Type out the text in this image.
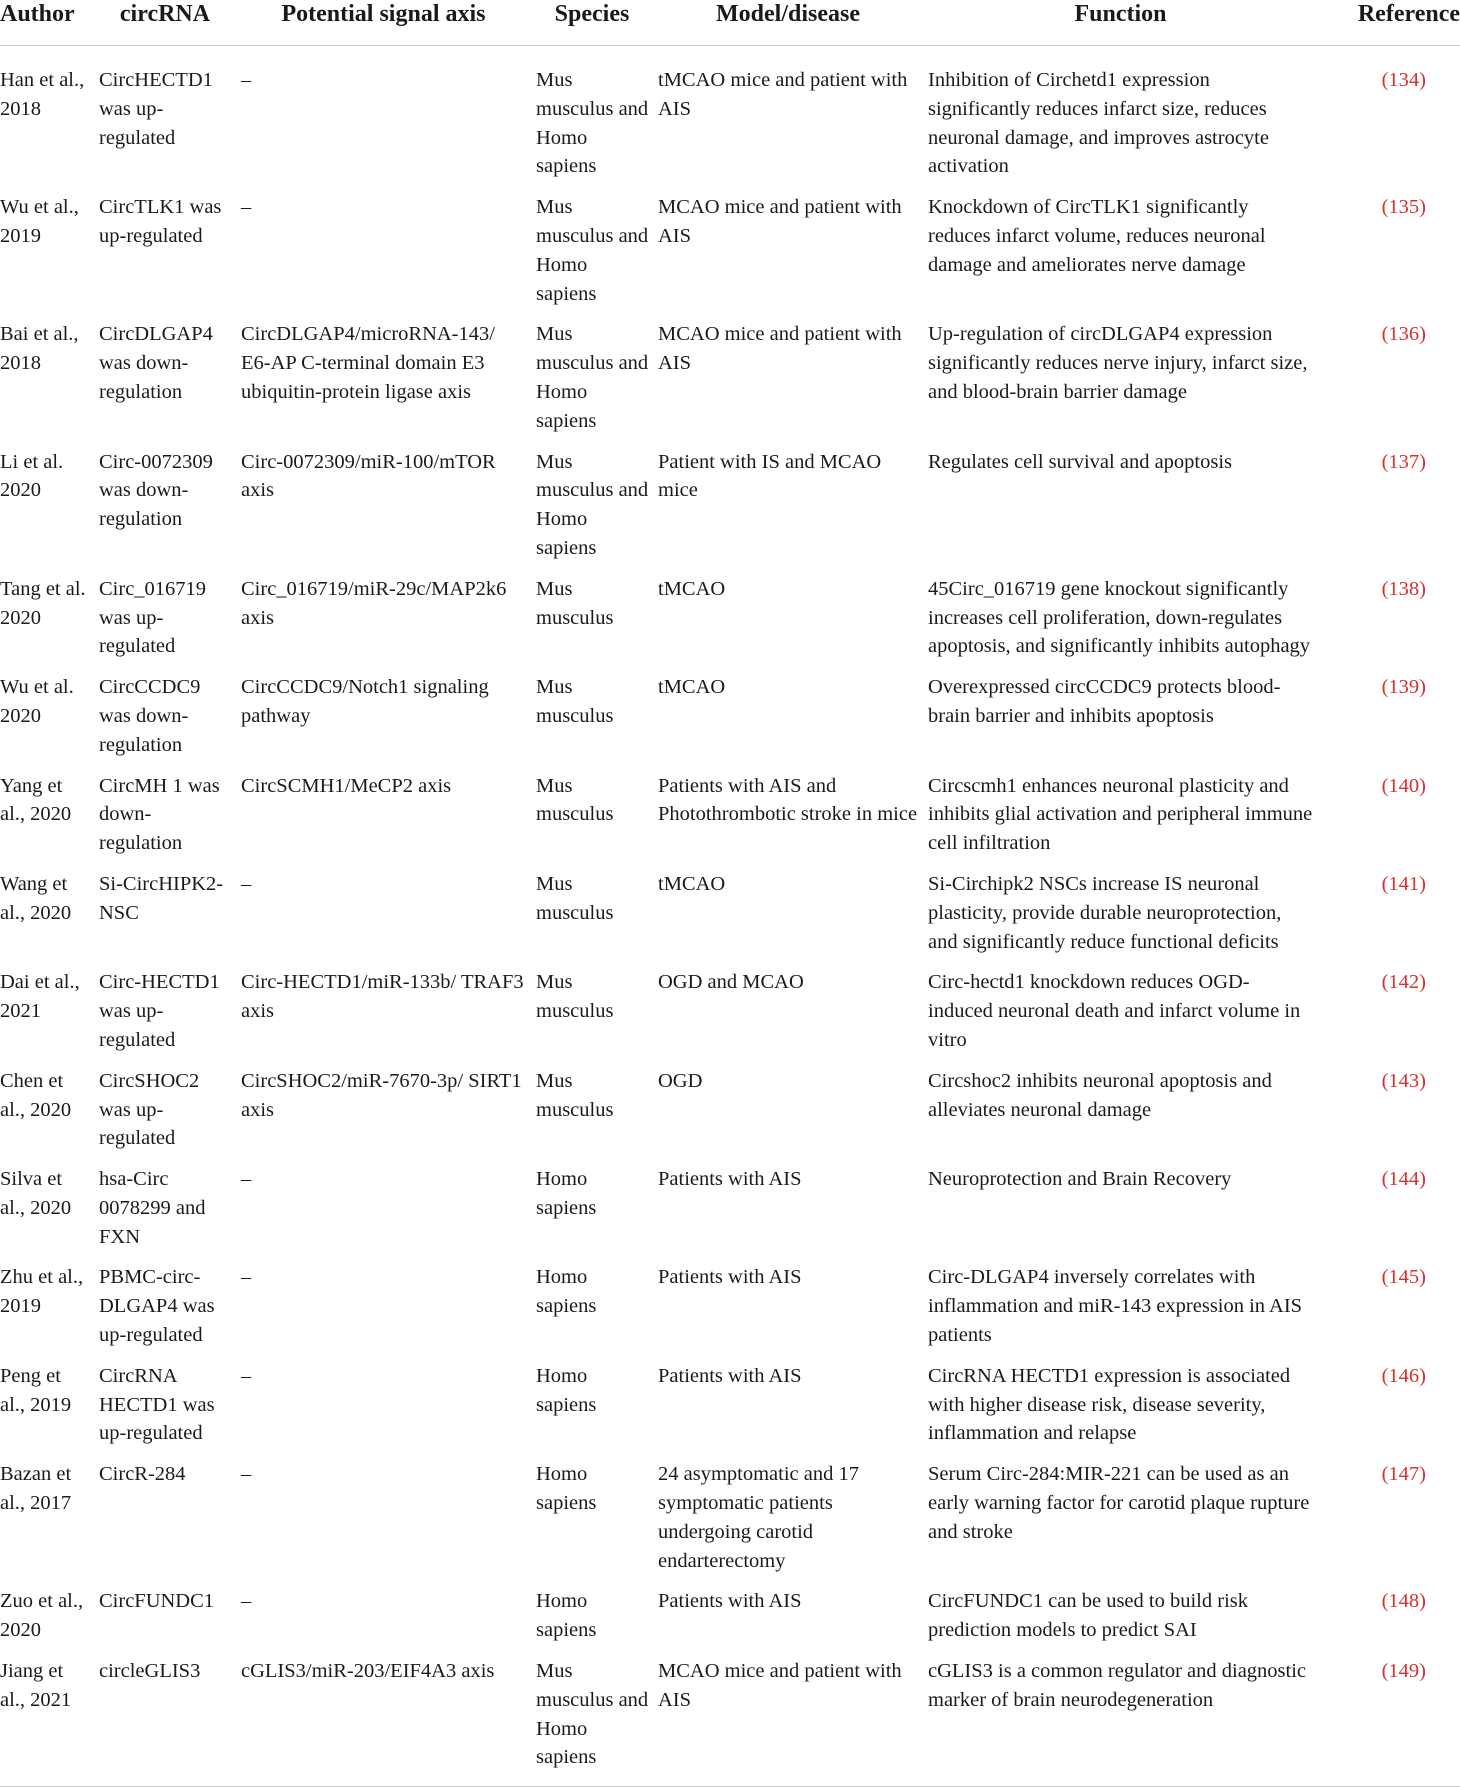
Author	circRNA	Potential signal axis	Species	Model/disease	Function	Reference
Han et al., 2018	CircHECTD1 was up-regulated	–	Mus musculus and Homo sapiens	tMCAO mice and patient with AIS	Inhibition of Circhetd1 expression significantly reduces infarct size, reduces neuronal damage, and improves astrocyte activation	(134)
Wu et al., 2019	CircTLK1 was up-regulated	–	Mus musculus and Homo sapiens	MCAO mice and patient with AIS	Knockdown of CircTLK1 significantly reduces infarct volume, reduces neuronal damage and ameliorates nerve damage	(135)
Bai et al., 2018	CircDLGAP4 was down-regulation	CircDLGAP4/microRNA-143/ E6-AP C-terminal domain E3 ubiquitin-protein ligase axis	Mus musculus and Homo sapiens	MCAO mice and patient with AIS	Up-regulation of circDLGAP4 expression significantly reduces nerve injury, infarct size, and blood-brain barrier damage	(136)
Li et al. 2020	Circ-0072309 was down-regulation	Circ-0072309/miR-100/mTOR axis	Mus musculus and Homo sapiens	Patient with IS and MCAO mice	Regulates cell survival and apoptosis	(137)
Tang et al. 2020	Circ_016719 was up-regulated	Circ_016719/miR-29c/MAP2k6 axis	Mus musculus	tMCAO	45Circ_016719 gene knockout significantly increases cell proliferation, down-regulates apoptosis, and significantly inhibits autophagy	(138)
Wu et al. 2020	CircCCDC9 was down-regulation	CircCCDC9/Notch1 signaling pathway	Mus musculus	tMCAO	Overexpressed circCCDC9 protects blood-brain barrier and inhibits apoptosis	(139)
Yang et al., 2020	CircMH 1 was down-regulation	CircSCMH1/MeCP2 axis	Mus musculus	Patients with AIS and Photothrombotic stroke in mice	Circscmh1 enhances neuronal plasticity and inhibits glial activation and peripheral immune cell infiltration	(140)
Wang et al., 2020	Si-CircHIPK2-NSC	–	Mus musculus	tMCAO	Si-Circhipk2 NSCs increase IS neuronal plasticity, provide durable neuroprotection, and significantly reduce functional deficits	(141)
Dai et al., 2021	Circ-HECTD1 was up-regulated	Circ-HECTD1/miR-133b/ TRAF3 axis	Mus musculus	OGD and MCAO	Circ-hectd1 knockdown reduces OGD-induced neuronal death and infarct volume in vitro	(142)
Chen et al., 2020	CircSHOC2 was up-regulated	CircSHOC2/miR-7670-3p/ SIRT1 axis	Mus musculus	OGD	Circshoc2 inhibits neuronal apoptosis and alleviates neuronal damage	(143)
Silva et al., 2020	hsa-Circ 0078299 and FXN	–	Homo sapiens	Patients with AIS	Neuroprotection and Brain Recovery	(144)
Zhu et al., 2019	PBMC-circ-DLGAP4 was up-regulated	–	Homo sapiens	Patients with AIS	Circ-DLGAP4 inversely correlates with inflammation and miR-143 expression in AIS patients	(145)
Peng et al., 2019	CircRNA HECTD1 was up-regulated	–	Homo sapiens	Patients with AIS	CircRNA HECTD1 expression is associated with higher disease risk, disease severity, inflammation and relapse	(146)
Bazan et al., 2017	CircR-284	–	Homo sapiens	24 asymptomatic and 17 symptomatic patients undergoing carotid endarterectomy	Serum Circ-284:MIR-221 can be used as an early warning factor for carotid plaque rupture and stroke	(147)
Zuo et al., 2020	CircFUNDC1	–	Homo sapiens	Patients with AIS	CircFUNDC1 can be used to build risk prediction models to predict SAI	(148)
Jiang et al., 2021	circleGLIS3	cGLIS3/miR-203/EIF4A3 axis	Mus musculus and Homo sapiens	MCAO mice and patient with AIS	cGLIS3 is a common regulator and diagnostic marker of brain neurodegeneration	(149)
